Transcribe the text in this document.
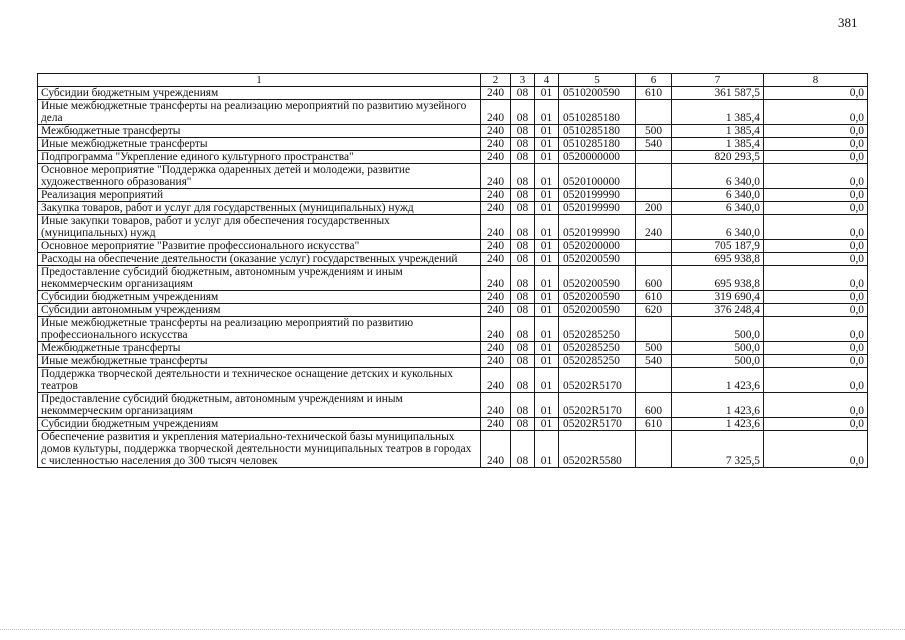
381
1	2	3	4	5	6	7	8
Субсидии бюджетным учреждениям	240	08	01	0510200590	610	361 587,5	0,0
Иные межбюджетные трансферты на реализацию мероприятий по развитию музейного дела	240	08	01	0510285180		1 385,4	0,0
Межбюджетные трансферты	240	08	01	0510285180	500	1 385,4	0,0
Иные межбюджетные трансферты	240	08	01	0510285180	540	1 385,4	0,0
Подпрограмма "Укрепление единого культурного пространства"	240	08	01	0520000000		820 293,5	0,0
Основное мероприятие "Поддержка одаренных детей и молодежи, развитие художественного образования"	240	08	01	0520100000		6 340,0	0,0
Реализация мероприятий	240	08	01	0520199990		6 340,0	0,0
Закупка товаров, работ и услуг для государственных (муниципальных) нужд	240	08	01	0520199990	200	6 340,0	0,0
Иные закупки товаров, работ и услуг для обеспечения государственных (муниципальных) нужд	240	08	01	0520199990	240	6 340,0	0,0
Основное мероприятие "Развитие профессионального искусства"	240	08	01	0520200000		705 187,9	0,0
Расходы на обеспечение деятельности (оказание услуг) государственных учреждений	240	08	01	0520200590		695 938,8	0,0
Предоставление субсидий бюджетным, автономным учреждениям и иным некоммерческим организациям	240	08	01	0520200590	600	695 938,8	0,0
Субсидии бюджетным учреждениям	240	08	01	0520200590	610	319 690,4	0,0
Субсидии автономным учреждениям	240	08	01	0520200590	620	376 248,4	0,0
Иные межбюджетные трансферты на реализацию мероприятий по развитию профессионального искусства	240	08	01	0520285250		500,0	0,0
Межбюджетные трансферты	240	08	01	0520285250	500	500,0	0,0
Иные межбюджетные трансферты	240	08	01	0520285250	540	500,0	0,0
Поддержка творческой деятельности и техническое оснащение детских и кукольных театров	240	08	01	05202R5170		1 423,6	0,0
Предоставление субсидий бюджетным, автономным учреждениям и иным некоммерческим организациям	240	08	01	05202R5170	600	1 423,6	0,0
Субсидии бюджетным учреждениям	240	08	01	05202R5170	610	1 423,6	0,0
Обеспечение развития и укрепления материально-технической базы муниципальных домов культуры, поддержка творческой деятельности муниципальных театров в городах с численностью населения до 300 тысяч человек	240	08	01	05202R5580		7 325,5	0,0
